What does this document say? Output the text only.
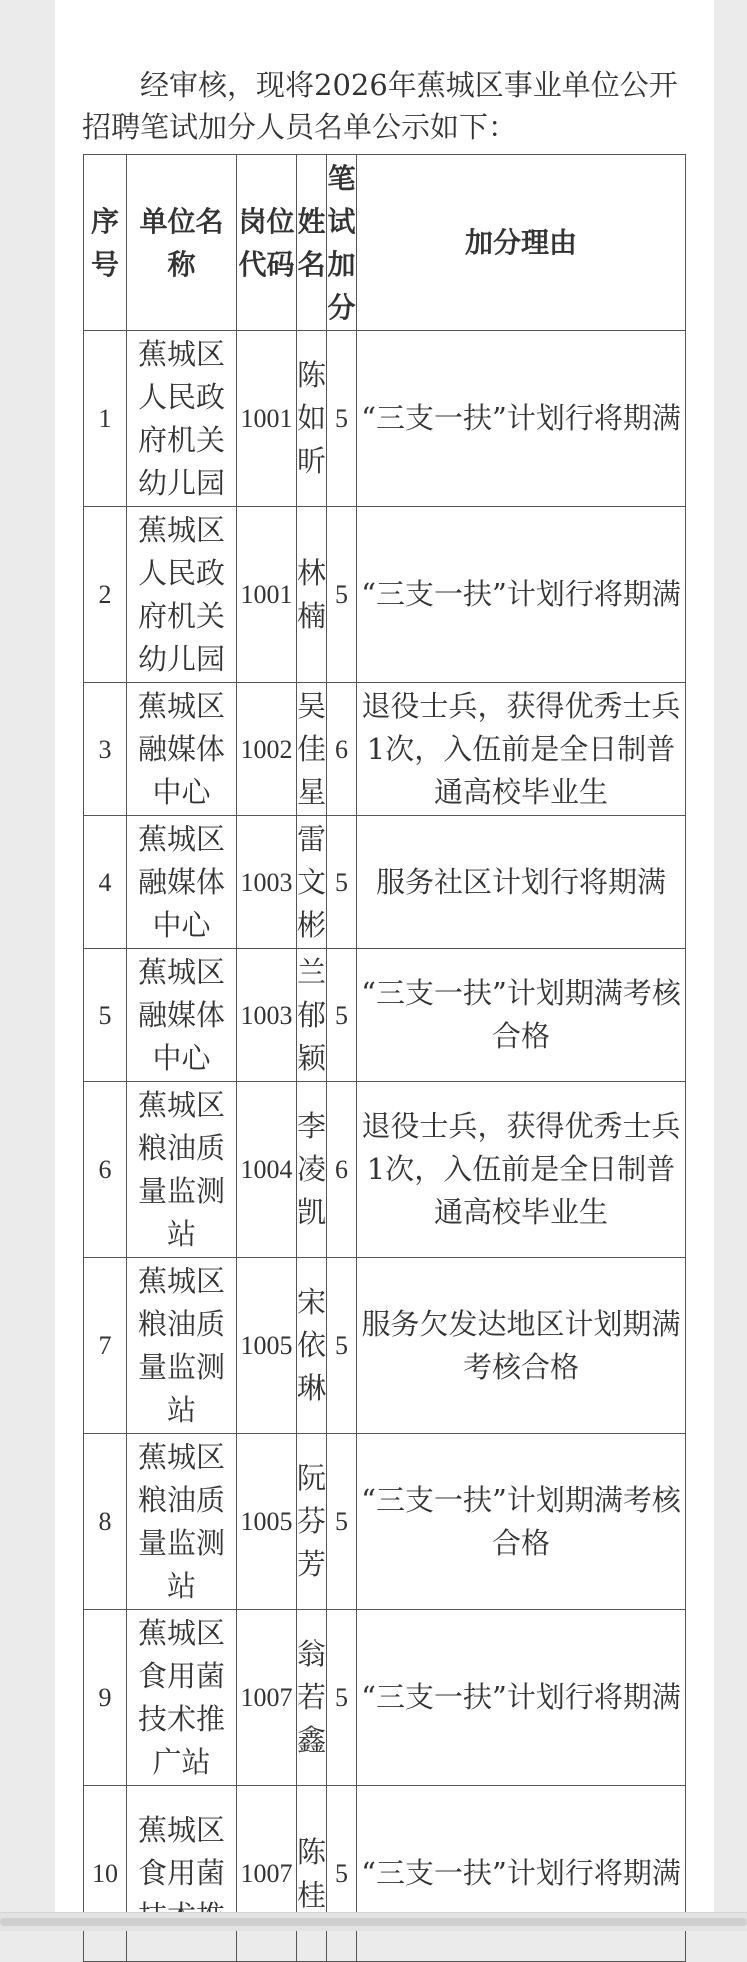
经审核，现将2026年蕉城区事业单位公开

招聘笔试加分人员名单公示如下：

序号	单位名称	岗位代码	姓名	笔试加分	加分理由
1	蕉城区人民政府机关幼儿园	1001	陈如昕	5	“三支一扶”计划行将期满
2	蕉城区人民政府机关幼儿园	1001	林楠	5	“三支一扶”计划行将期满
3	蕉城区融媒体中心	1002	吴佳星	6	退役士兵，获得优秀士兵1次，入伍前是全日制普通高校毕业生
4	蕉城区融媒体中心	1003	雷文彬	5	服务社区计划行将期满
5	蕉城区融媒体中心	1003	兰郁颖	5	“三支一扶”计划期满考核合格
6	蕉城区粮油质量监测站	1004	李凌凯	6	退役士兵，获得优秀士兵1次，入伍前是全日制普通高校毕业生
7	蕉城区粮油质量监测站	1005	宋依琳	5	服务欠发达地区计划期满考核合格
8	蕉城区粮油质量监测站	1005	阮芬芳	5	“三支一扶”计划期满考核合格
9	蕉城区食用菌技术推广站	1007	翁若鑫	5	“三支一扶”计划行将期满
10	蕉城区食用菌	1007	陈桂	5	“三支一扶”计划行将期满
